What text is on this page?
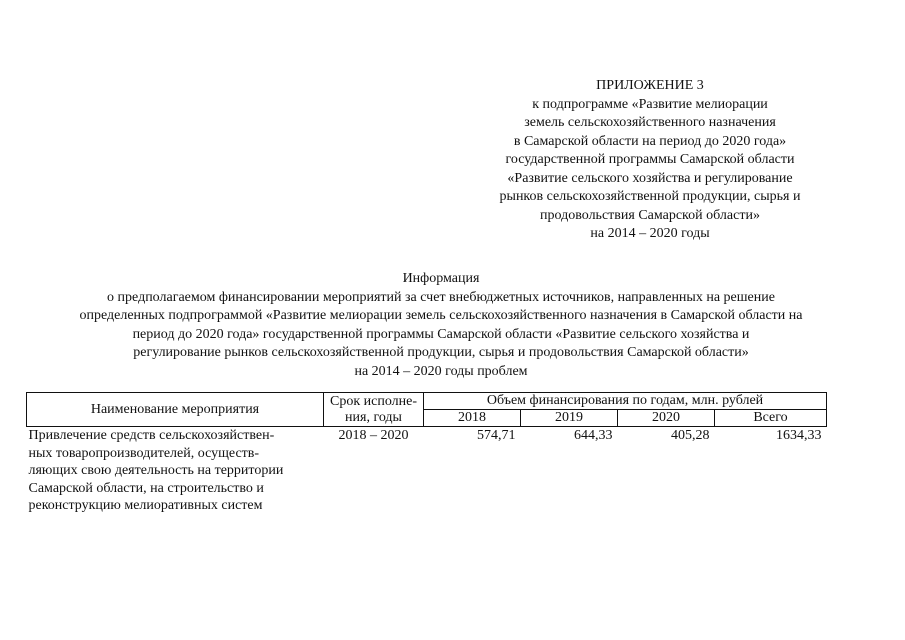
ПРИЛОЖЕНИЕ 3
к подпрограмме «Развитие мелиорации
земель сельскохозяйственного назначения
в Самарской области на период до 2020 года»
государственной программы Самарской области
«Развитие сельского хозяйства и регулирование
рынков сельскохозяйственной продукции, сырья и
продовольствия Самарской области»
на 2014 – 2020 годы
Информация
о предполагаемом финансировании мероприятий за счет внебюджетных источников, направленных на решение
определенных подпрограммой «Развитие мелиорации земель сельскохозяйственного назначения в Самарской области на
период до 2020 года» государственной программы Самарской области «Развитие сельского хозяйства и
регулирование рынков сельскохозяйственной продукции, сырья и продовольствия Самарской области»
на 2014 – 2020 годы проблем
Наименование мероприятия	Срок исполне-
ния, годы	Объем финансирования по годам, млн. рублей			
		2018	2019	2020	Всего

Привлечение средств сельскохозяйствен-
ных товаропроизводителей, осуществ-
ляющих свою деятельность на территории
Самарской области, на строительство и
реконструкцию мелиоративных систем	2018 – 2020	574,71	644,33	405,28	1634,33
